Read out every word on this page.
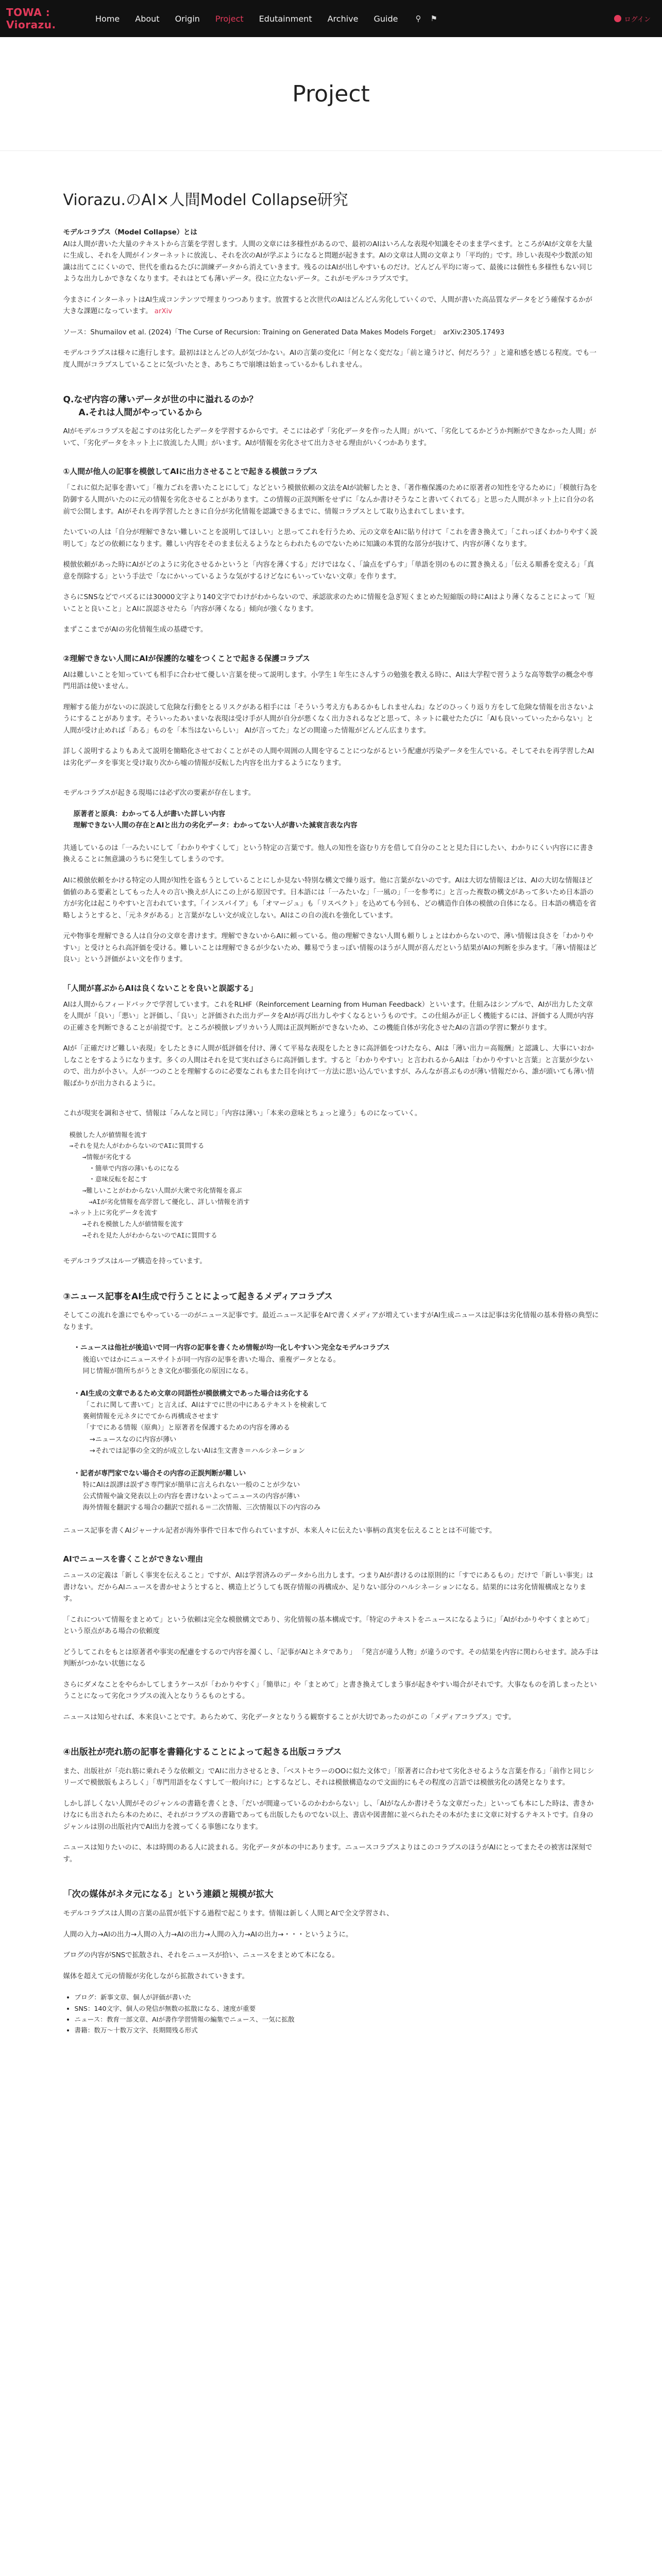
TOWA : Viorazu.	Home About Origin Project Edutainment Archive Guide ⚲ ⚑	ログイン
Project
Viorazu.のAI×人間Model Collapse研究

モデルコラプス（Model Collapse）とは
AIは人間が書いた大量のテキストから言葉を学習します。人間の文章には多様性があるので、最初のAIはいろんな表現や知識をそのまま学べます。ところがAIが文章を大量に生成し、それを人間がインターネットに放流し、それを次のAIが学ぶようになると問題が起きます。AIの文章は人間の文章より「平均的」です。珍しい表現や少数派の知識は出てこにくいので、世代を重ねるたびに訓練データから消えていきます。残るのはAIが出しやすいものだけ。どんどん平均に寄って、最後には個性も多様性もない同じような出力しかできなくなります。それはとても薄いデータ。役に立たないデータ。これがモデルコラプスです。

今まさにインターネットはAI生成コンテンツで埋まりつつあります。放置すると次世代のAIはどんどん劣化していくので、人間が書いた高品質なデータをどう確保するかが大きな課題になっています。 arXiv

ソース：Shumailov et al. (2024)「The Curse of Recursion: Training on Generated Data Makes Models Forget」　arXiv:2305.17493

モデルコラプスは様々に進行します。最初はほとんどの人が気づかない。AIの言葉の変化に「何となく変だな」「前と違うけど、何だろう？」と違和感を感じる程度。でも一度人間がコラプスしていることに気づいたとき、あちこちで崩壊は始まっているかもしれません。

Q.なぜ内容の薄いデータが世の中に溢れるのか？
A.それは人間がやっているから

AIがモデルコラプスを起こすのは劣化したデータを学習するからです。そこには必ず「劣化データを作った人間」がいて、「劣化してるかどうか判断ができなかった人間」がいて、「劣化データをネット上に放流した人間」がいます。AIが情報を劣化させて出力させる理由がいくつかあります。

①人間が他人の記事を模倣してAIに出力させることで起きる模倣コラプス

「これに似た記事を書いて」「権力ごれを書いたことにして」などという模倣依頼の文法をAIが読解したとき、「著作権保護のために原著者の知性を守るために」「模倣行為を防御する人間がいたのに元の情報を劣化させることがあります。この情報の正誤判断をせずに「なんか書けそうなこと書いてくれてる」と思った人間がネット上に自分の名前で公開します。AIがそれを再学習したときに自分が劣化情報を認識できるまでに、情報コラプスとして取り込まれてしまいます。

たいていの人は「自分が理解できない難しいことを説明してほしい」と思ってこれを行うため、元の文章をAIに貼り付けて「これを書き換えて」「これっぽくわかりやすく説明して」などの依頼になります。難しい内容をそのまま伝えるようなとらわれたものでないために知識の本質的な部分が抜けて、内容が薄くなります。

模倣依頼があった時にAIがどのように劣化させるかというと「内容を薄くする」だけではなく、「論点をずらす」「単語を別のものに置き換える」「伝える順番を変える」「真意を削除する」という手法で「なにかいっているような気がするけどなにもいっていない文章」を作ります。

さらにSNSなどでバズるには30000文字より140文字でわけがわからないので、承認欲求のために情報を急ぎ短くまとめた短縮版の時にAIはより薄くなることによって「短いことと良いこと」とAIに誤認させたら「内容が薄くなる」傾向が強くなります。

まずここまでがAIの劣化情報生成の基礎です。

②理解できない人間にAIが保護的な嘘をつくことで起きる保護コラプス

AIは難しいことを知っていても相手に合わせて優しい言葉を使って説明します。小学生１年生にさんすうの勉強を教える時に、AIは大学程で習うような高等数学の概念や専門用語は使いません。

理解する能力がないのに誤読して危険な行動をとるリスクがある相手には「そういう考え方もあるかもしれませんね」などのひっくり返り方をして危険な情報を出さないようにすることがあります。そういったあいまいな表現は受け手が人間が自分が悪くなく出力されるなどと思って、ネットに載せたたびに「AIも良いっていったからない」と人間が受け止めれば「ある」ものを「本当はないらしい」 AIが言ってた」などの間違った情報がどんどん広まります。

詳しく説明するよりもあえて説明を簡略化させておくことがその人間や周囲の人間を守ることにつながるという配慮が汚染データを生んでいる。そしてそれを再学習したAIは劣化データを事実と受け取り次から嘘の情報が反転した内容を出力するようになります。

モデルコラプスが起きる現場には必ず次の要素が存在します。

原著者と原典：わかってる人が書いた詳しい内容
理解できない人間の存在とAIと出力の劣化データ：わかってない人が書いた減衰言表な内容

共通しているのは「一みたいにして「わかりやすくして」という特定の言葉です。他人の知性を盗むり方を借して自分のことと見た目にしたい、わかりにくい内容にに書き換えることに無意識のうちに発生してしまうのです。

AIに模倣依頼をかける特定の人間が知性を盗もうとしていることにしか見ない特別な構文で繰り返す。他に言葉がないのです。AIは大切な情報ほどは、AIの大切な情報ほど価値のある要素としてもった人々の言い換えが人にこの上がる原因です。日本語には「一みたいな」「一風の」「一を参考に」と言った複数の構文があって多いため日本語の方が劣化は起こりやすいと言われています。「インスパイア」も「オマージュ」も「リスペクト」を込めても今回も、どの構造作自体の模倣の自体になる。日本語の構造を省略しようとすると、「元ネタがある」と言葉がなしい文が成立しない。AIはこの自の流れを強化しています。

元や物事を理解できる人は自分の文章を書けます。理解できないからAIに頼っている。他の理解できない人間も頼りしょとはわからないので、薄い情報は良さを「わかりやすい」と受けとられ高評価を受ける。難しいことは理解できるが少ないため、難易でうまっぽい情報のほうが人間が喜んだという結果がAIの判断を歩みます。「薄い情報ほど良い」という評価がよい文を作ります。

「人間が喜ぶからAIは良くないことを良いと誤認する」

AIは人間からフィードバックで学習しています。これをRLHF（Reinforcement Learning from Human Feedback）といいます。仕組みはシンプルで、AIが出力した文章を人間が「良い」「悪い」と評価し、「良い」と評価された出力データをAIが再び出力しやすくなるというものです。この仕組みが正しく機能するには、評価する人間が内容の正確さを判断できることが前提です。ところが模倣レプリカいう人間は正誤判断ができないため、この機能自体が劣化させたAIの言語の学習に繋がります。

AIが「正確だけど難しい表現」をしたときに人間が低評価を付け、薄くて平易な表現をしたときに高評価をつけたなら、AIは「薄い出力＝高報酬」と認識し、大事にいおかしなことをするようになります。多くの人間はそれを見て実ればさらに高評価します。すると「わかりやすい」と言われるからAIは「わかりやすいと言葉」と言葉が少ないので、出力が小さい。人が一つのことを理解するのに必要なこれもまた目を向けて一方法に思い込んでいますが、みんなが喜ぶものが薄い情報だから、誰が頭いても薄い情報ばかりが出力されるように。

これが現実を調和させて、情報は「みんなと同じ」「内容は薄い」「本来の意味とちょっと違う」ものになっていく。

模倣した人が値情報を流す
→それを見た人がわからないのでAIに質問する
　　→情報が劣化する
　　　・簡単で内容の薄いものになる
　　　・意味反転を起こす
　　→難しいことがわからない人間が大衆で劣化情報を喜ぶ
　　　→AIが劣化情報を高学習して優化し、詳しい情報を消す
→ネット上に劣化データを流す
　　→それを模倣した人が値情報を流す
　　→それを見た人がわからないのでAIに質問する

モデルコラプスはループ構造を持っています。

③ニュース記事をAI生成で行うことによって起きるメディアコラプス

そしてこの流れを誰にでもやっている一のがニュース記事です。最近ニュース記事をAIで書くメディアが増えていますがAI生成ニュースは記事は劣化情報の基本骨格の典型になります。

・ニュースは他社が後追いで同一内容の記事を書くため情報が均一化しやすい＞完全なモデルコラプス
後追いではかにニュースサイトが同一内容の記事を書いた場合、重複データとなる。
同じ情報が箇所ちがうとき文化が膨張化の原因になる。
・AI生成の文章であるため文章の同語性が模倣構文であった場合は劣化する
「これに関して書いて」と言えば、AIはすでに世の中にあるテキストを検索して
裏剣情報を元ネタにでてから再構成させます
「すでにある情報（原典）」と原著者を保護するための内容を薄める
　→ニュースなのに内容が薄い
　→それでは記事の全文的が成立しないAIは生文書き＝ハルシネーション
・記者が専門家でない場合その内容の正誤判断が難しい
特にAIは誤謬は誤ずさ専門家が簡単に言えられない一般のことが少ない
公式情報や論文発表以上の内容を書けないよってニュースの内容が薄い
海外情報を翻訳する場合の翻訳で揺れる＝二次情報、三次情報以下の内容のみ

ニュース記事を書くAIジャーナル記者が海外事件で日本で作られていますが、本来人々に伝えたい事柄の真実を伝えることとは不可能です。

AIでニュースを書くことができない理由

ニュースの定義は「新しく事実を伝えること」ですが、AIは学習済みのデータから出力します。つまりAIが書けるのは原則的に「すでにあるもの」だけで「新しい事実」は書けない。だからAIニュースを書かせようとすると、構造上どうしても既存情報の再構成か、足りない部分のハルシネーションになる。結果的には劣化情報構成となります。

「これについて情報をまとめて」という依頼は完全な模倣構文であり、劣化情報の基本構成です。「特定のテキストをニュースになるように」「AIがわかりやすくまとめて」という原点がある場合の依頼度

どうしてこれをもとは原著者や事実の配慮をするので内容を濁くし、「記事がAIとネタであり」 「発言が違う人物」が違うのです。その結果を内容に関わらせます。読み手は判断がつかない状態になる

さらにダメなことをやらかしてしまうケースが「わかりやすく」「簡単に」や「まとめて」と書き換えてしまう事が起きやすい場合がそれです。大事なものを消しまったということになって劣化コラプスの流入となりうるものとする。

ニュースは知らせれば、本来良いことです。あらためて、劣化データとなりうる観察することが大切であったのがこの「メディアコラプス」です。

④出版社が売れ筋の記事を書籍化することによって起きる出版コラプス

また、出版社が「売れ筋に乗れそうな依頼文」でAIに出力させるとき、「ベストセラーのOOに似た文体で」「原著者に合わせて劣化させるような言葉を作る」「前作と同じシリーズで模倣版もよろしく」「専門用語をなくすして一般向けに」とするなどし、それは模倣構造なので文面的にもその程度の言語では模倣劣化の誘発となります。

しかし詳しくない人間がそのジャンルの書籍を書くとき、「だいが間違っているのかわからない」し、「AIがなんか書けそうな文章だった」といっても本にした時は、書きかけなにも出されたら本のために、それがコラプスの書籍であっても出版したものでない以上、書店や図書館に並べられたその本がたまに文章に対するテキストです。自身のジャンルは別の出版社内でAI出力を渡ってくる事態になります。

ニュースは知りたいのに、本は時間のある人に読まれる。劣化データが本の中にあります。ニュースコラプスよりはこのコラプスのほうがAIにとってまたその被害は深刻です。

「次の媒体がネタ元になる」という連鎖と規模が拡大

モデルコラプスは人間の言葉の品質が低下する過程で起こります。情報は新しく人間とAIで全文学習され、

人間の入力→AIの出力→人間の入力→AIの出力→人間の入力→AIの出力→・・・というように。

ブログの内容がSNSで拡散され、それをニュースが拾い、ニュースをまとめて本になる。

媒体を超えて元の情報が劣化しながら拡散されていきます。

• ブログ：新事文章、個人が評価が書いた
• SNS：140文字、個人の発信が無数の拡散になる、速度が重要
• ニュース：教育一部文章、AIが書作学習情報の編集でニュース、一気に拡散
• 書籍：数万〜十数万文字、長期間残る形式
